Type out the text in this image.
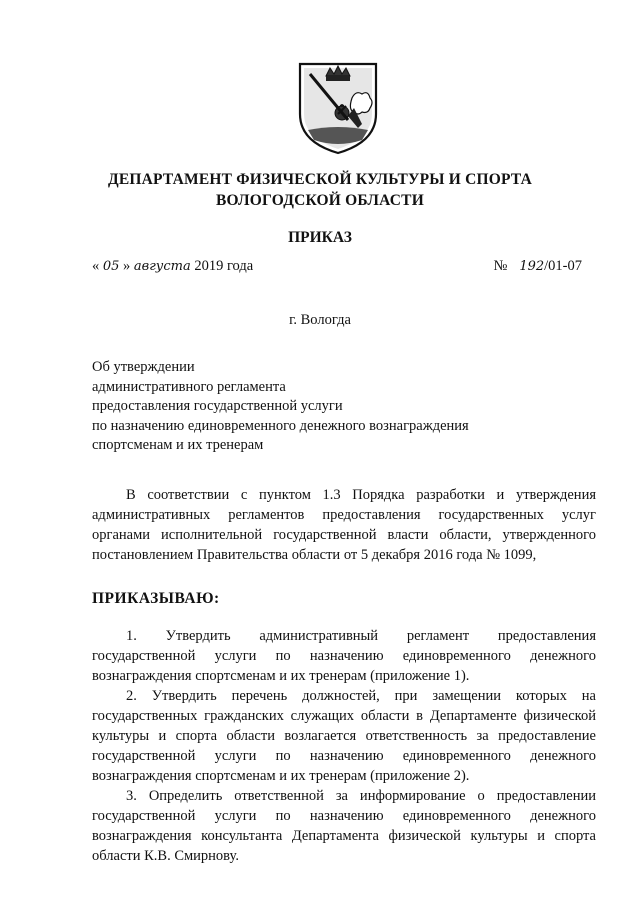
ДЕПАРТАМЕНТ ФИЗИЧЕСКОЙ КУЛЬТУРЫ И СПОРТА
ВОЛОГОДСКОЙ ОБЛАСТИ
ПРИКАЗ
« 05 » августа 2019 года	№ 192/01-07
г. Вологда
Об утверждении
административного регламента
предоставления государственной услуги
по назначению единовременного денежного вознаграждения
спортсменам и их тренерам
В соответствии с пунктом 1.3 Порядка разработки и утверждения административных регламентов предоставления государственных услуг органами исполнительной государственной власти области, утвержденного постановлением Правительства области от 5 декабря 2016 года № 1099,
ПРИКАЗЫВАЮ:

1. Утвердить административный регламент предоставления государственной услуги по назначению единовременного денежного вознаграждения спортсменам и их тренерам (приложение 1).

2. Утвердить перечень должностей, при замещении которых на государственных гражданских служащих области в Департаменте физической культуры и спорта области возлагается ответственность за предоставление государственной услуги по назначению единовременного денежного вознаграждения спортсменам и их тренерам (приложение 2).

3. Определить ответственной за информирование о предоставлении государственной услуги по назначению единовременного денежного вознаграждения консультанта Департамента физической культуры и спорта области К.В. Смирнову.
